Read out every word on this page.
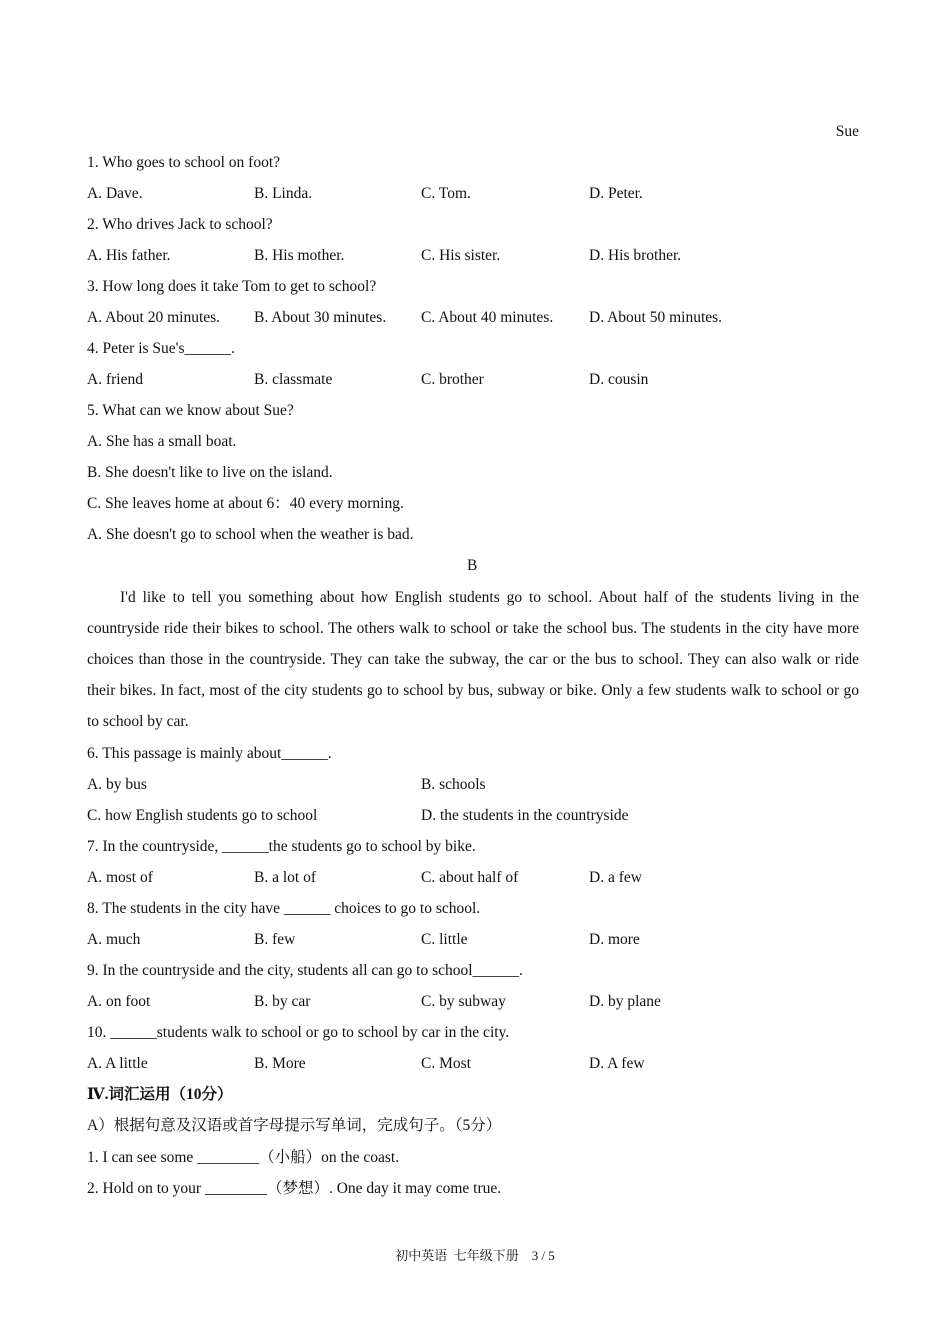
Sue
1. Who goes to school on foot?
A. Dave.	B. Linda.	C. Tom.	D. Peter.
2. Who drives Jack to school?
A. His father.	B. His mother.	C. His sister.	D. His brother.
3. How long does it take Tom to get to school?
A. About 20 minutes. B. About 30 minutes. C. About 40 minutes. D. About 50 minutes.
4. Peter is Sue's______.
A. friend	B. classmate	C. brother	D. cousin
5. What can we know about Sue?
A. She has a small boat.
B. She doesn't like to live on the island.
C. She leaves home at about 6：40 every morning.
A. She doesn't go to school when the weather is bad.
B
I'd like to tell you something about how English students go to school. About half of the students living in the countryside ride their bikes to school. The others walk to school or take the school bus. The students in the city have more choices than those in the countryside. They can take the subway, the car or the bus to school. They can also walk or ride their bikes. In fact, most of the city students go to school by bus, subway or bike. Only a few students walk to school or go to school by car.
6. This passage is mainly about______.
A. by bus	B. schools
C. how English students go to school	D. the students in the countryside
7. In the countryside, ______the students go to school by bike.
A. most of	B. a lot of	C. about half of	D. a few
8. The students in the city have ______ choices to go to school.
A. much	B. few	C. little	D. more
9. In the countryside and the city, students all can go to school______.
A. on foot	B. by car	C. by subway	D. by plane
10. ______students walk to school or go to school by car in the city.
A. A little	B. More	C. Most	D. A few
Ⅳ.词汇运用（10分）
A）根据句意及汉语或首字母提示写单词，完成句子。（5分）
1. I can see some ________（小船）on the coast.
2. Hold on to your ________（梦想）. One day it may come true.
初中英语  七年级下册    3 / 5
